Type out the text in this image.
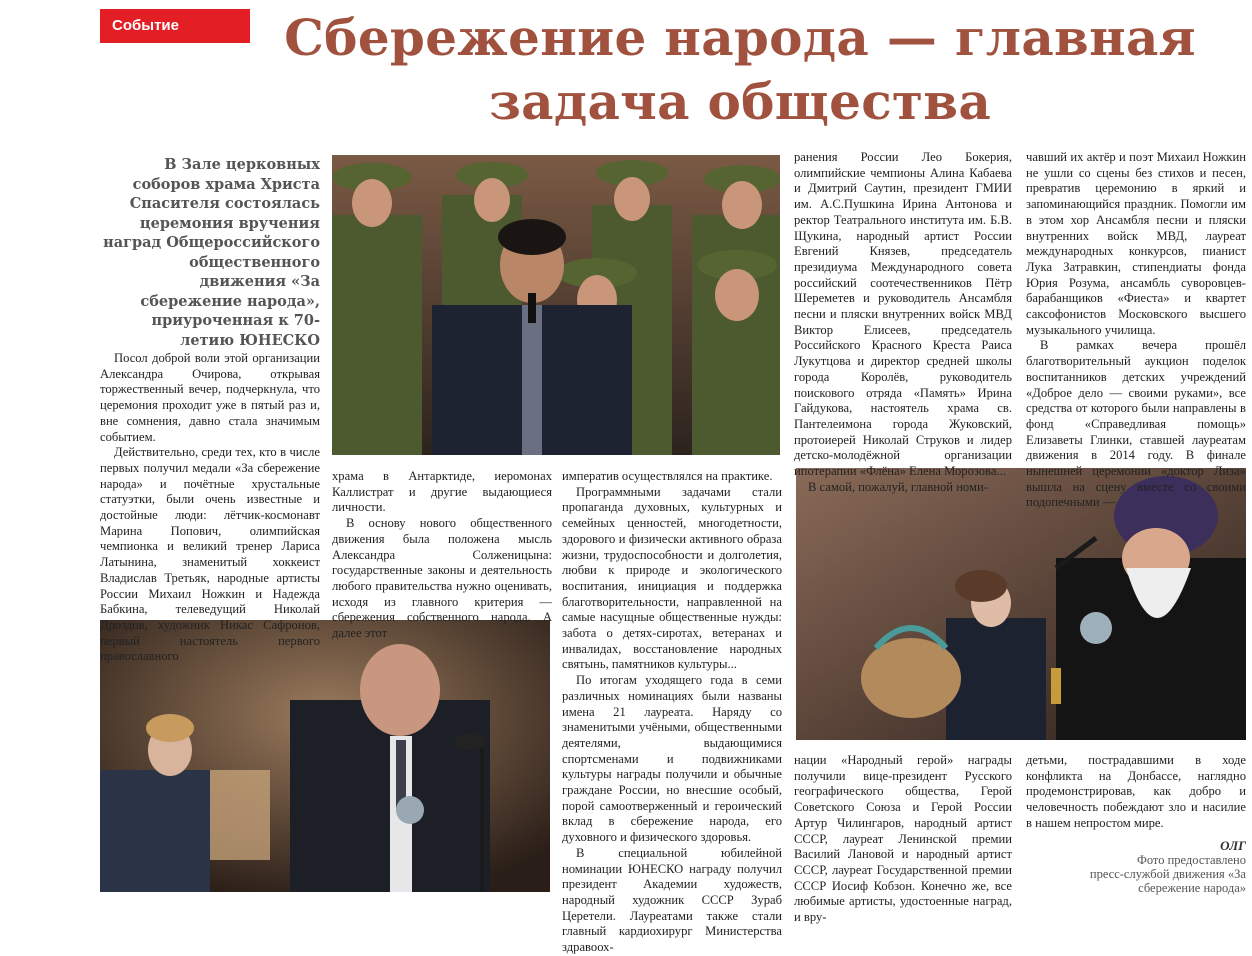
Событие	Сбережение народа — главная
задача общества
В Зале церковных соборов храма Христа Спасителя состоялась церемония вручения наград Общероссийского общественного движения «За сбережение народа», приуроченная к 70-летию ЮНЕСКО

Посол доброй воли этой организации Александра Очирова, открывая торжественный вечер, подчеркнула, что церемония проходит уже в пятый раз и, вне сомнения, давно стала значимым событием.

Действительно, среди тех, кто в числе первых получил медали «За сбережение народа» и почётные хрустальные статуэтки, были очень известные и достойные люди: лётчик-космонавт Марина Попович, олимпийская чемпионка и великий тренер Лариса Латынина, знаменитый хоккеист Владислав Третьяк, народные артисты России Михаил Ножкин и Надежда Бабкина, телеведущий Николай Дроздов, художник Никас Сафронов, первый настоятель первого православного

храма в Антарктиде, иеромонах Каллистрат и другие выдающиеся личности.

В основу нового общественного движения была положена мысль Александра Солженицына: государственные законы и деятельность любого правительства нужно оценивать, исходя из главного критерия — сбережения собственного народа. А далее этот

императив осуществлялся на практике.

Программными задачами стали пропаганда духовных, культурных и семейных ценностей, многодетности, здорового и физически активного образа жизни, трудоспособности и долголетия, любви к природе и экологического воспитания, инициация и поддержка благотворительности, направленной на самые насущные общественные нужды: забота о детях-сиротах, ветеранах и инвалидах, восстановление народных святынь, памятников культуры...

По итогам уходящего года в семи различных номинациях были названы имена 21 лауреата. Наряду со знаменитыми учёными, общественными деятелями, выдающимися спортсменами и подвижниками культуры награды получили и обычные граждане России, но внесшие особый, порой самоотверженный и героический вклад в сбережение народа, его духовного и физического здоровья.

В специальной юбилейной номинации ЮНЕСКО награду получил президент Академии художеств, народный художник СССР Зураб Церетели. Лауреатами также стали главный кардиохирург Министерства здравоох-

ранения России Лео Бокерия, олимпийские чемпионы Алина Кабаева и Дмитрий Саутин, президент ГМИИ им. А.С.Пушкина Ирина Антонова и ректор Театрального института им. Б.В. Щукина, народный артист России Евгений Князев, председатель президиума Международного совета российский соотечественников Пётр Шереметев и руководитель Ансамбля песни и пляски внутренних войск МВД Виктор Елисеев, председатель Российского Красного Креста Раиса Лукутцова и директор средней школы города Королёв, руководитель поискового отряда «Память» Ирина Гайдукова, настоятель храма св. Пантелеимона города Жуковский, протоиерей Николай Струков и лидер детско-молодёжной организации ипотерапии «Флёна» Елена Морозова...

В самой, пожалуй, главной номи-

чавший их актёр и поэт Михаил Ножкин не ушли со сцены без стихов и песен, превратив церемонию в яркий и запоминающийся праздник. Помогли им в этом хор Ансамбля песни и пляски внутренних войск МВД, лауреат международных конкурсов, пианист Лука Затравкин, стипендиаты фонда Юрия Розума, ансамбль суворовцев-барабанщиков «Фиеста» и квартет саксофонистов Московского высшего музыкального училища.

В рамках вечера прошёл благотворительный аукцион поделок воспитанников детских учреждений «Доброе дело — своими руками», все средства от которого были направлены в фонд «Справедливая помощь» Елизаветы Глинки, ставшей лауреатам движения в 2014 году. В финале нынешней церемонии «доктор Лиза» вышла на сцену вместе со своими подопечными —

нации «Народный герой» награды получили вице-президент Русского географического общества, Герой Советского Союза и Герой России Артур Чилингаров, народный артист СССР, лауреат Ленинской премии Василий Лановой и народный артист СССР, лауреат Государственной премии СССР Иосиф Кобзон. Конечно же, все любимые артисты, удостоенные наград, и вру-

детьми, пострадавшими в ходе конфликта на Донбассе, наглядно продемонстрировав, как добро и человечность побеждают зло и насилие в нашем непростом мире.

ОЛГ
Фото предоставлено
пресс-службой движения «За
сбережение народа»
